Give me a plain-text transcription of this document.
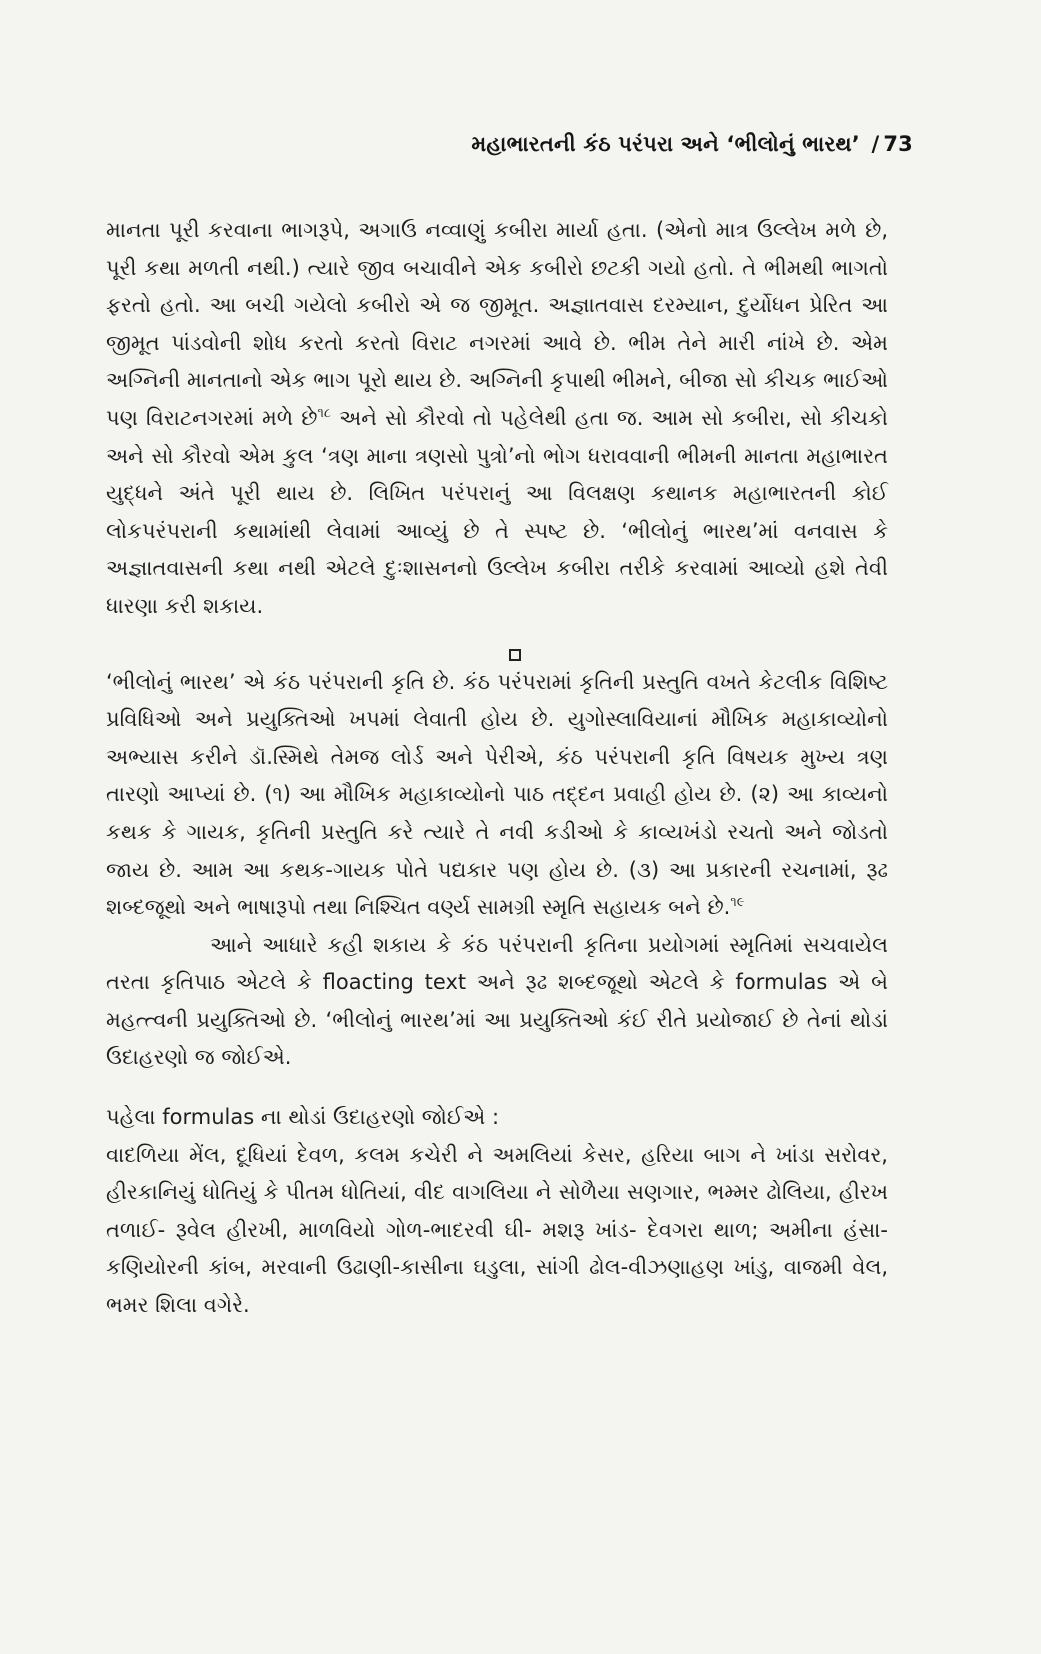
મહાભારતની કંઠ પરંપરા અને ‘ભીલોનું ભારથ’ / 73

માનતા પૂરી કરવાના ભાગરૂપે, અગાઉ નવ્વાણું કબીરા માર્યા હતા. (એનો માત્ર ઉલ્લેખ મળે છે, પૂરી કથા મળતી નથી.) ત્યારે જીવ બચાવીને એક કબીરો છટકી ગયો હતો. તે ભીમથી ભાગતો ફરતો હતો. આ બચી ગયેલો કબીરો એ જ જીમૂત. અજ્ઞાતવાસ દરમ્યાન, દુર્યોધન પ્રેરિત આ જીમૂત પાંડવોની શોધ કરતો કરતો વિરાટ નગરમાં આવે છે. ભીમ તેને મારી નાંખે છે. એમ અગ્નિની માનતાનો એક ભાગ પૂરો થાય છે. અગ્નિની કૃપાથી ભીમને, બીજા સો કીચક ભાઈઓ પણ વિરાટનગરમાં મળે છે$^{૧૮}$ અને સો કૌરવો તો પહેલેથી હતા જ. આમ સો કબીરા, સો કીચકો અને સો કૌરવો એમ કુલ ‘ત્રણ માના ત્રણસો પુત્રો’નો ભોગ ધરાવવાની ભીમની માનતા મહાભારત યુદ્ધને અંતે પૂરી થાય છે. લિખિત પરંપરાનું આ વિલક્ષણ કથાનક મહાભારતની કોઈ લોકપરંપરાની કથામાંથી લેવામાં આવ્યું છે તે સ્પષ્ટ છે. ‘ભીલોનું ભારથ’માં વનવાસ કે અજ્ઞાતવાસની કથા નથી એટલે દુઃશાસનનો ઉલ્લેખ કબીરા તરીકે કરવામાં આવ્યો હશે તેવી ધારણા કરી શકાય.

‘ભીલોનું ભારથ’ એ કંઠ પરંપરાની કૃતિ છે. કંઠ પરંપરામાં કૃતિની પ્રસ્તુતિ વખતે કેટલીક વિશિષ્ટ પ્રવિધિઓ અને પ્રયુક્તિઓ ખપમાં લેવાતી હોય છે. યુગોસ્લાવિયાનાં મૌખિક મહાકાવ્યોનો અભ્યાસ કરીને ડૉ.સ્મિથે તેમજ લોર્ડ અને પેરીએ, કંઠ પરંપરાની કૃતિ વિષયક મુખ્ય ત્રણ તારણો આપ્યાં છે. (૧) આ મૌખિક મહાકાવ્યોનો પાઠ તદ્દન પ્રવાહી હોય છે. (૨) આ કાવ્યનો કથક કે ગાયક, કૃતિની પ્રસ્તુતિ કરે ત્યારે તે નવી કડીઓ કે કાવ્યખંડો રચતો અને જોડતો જાય છે. આમ આ કથક-ગાયક પોતે પદ્યકાર પણ હોય છે. (૩) આ પ્રકારની રચનામાં, રૂઢ શબ્દજૂથો અને ભાષારૂપો તથા નિશ્ચિત વર્ણ્ય સામગ્રી સ્મૃતિ સહાયક બને છે.$^{૧૯}$

આને આધારે કહી શકાય કે કંઠ પરંપરાની કૃતિના પ્રયોગમાં સ્મૃતિમાં સચવાયેલ તરતા કૃતિપાઠ એટલે કે floacting text અને રૂઢ શબ્દજૂથો એટલે કે formulas એ બે મહત્ત્વની પ્રયુક્તિઓ છે. ‘ભીલોનું ભારથ’માં આ પ્રયુક્તિઓ કંઈ રીતે પ્રયોજાઈ છે તેનાં થોડાં ઉદાહરણો જ જોઈએ.

પહેલા formulas ના થોડાં ઉદાહરણો જોઈએ :

વાદળિયા મેંલ, દૂધિયાં દેવળ, કલમ કચેરી ને અમલિયાં કેસર, હરિયા બાગ ને ખાંડા સરોવર, હીરકાનિયું ધોતિયું કે પીતમ ધોતિયાં, વીદ વાગલિયા ને સોળૈયા સણગાર, ભમ્મર ઢોલિયા, હીરખ તળાઈ- રૂવેલ હીરખી, માળવિયો ગોળ-ભાદરવી ઘી- મશરૂ ખાંડ- દેવગરા થાળ; અમીના હંસા-કણિયોરની કાંબ, મરવાની ઉઢાણી-કાસીના ઘડુલા, સાંગી ઢોલ-વીઝણાહણ ખાંડુ, વાજમી વેલ, ભમર શિલા વગેરે.
